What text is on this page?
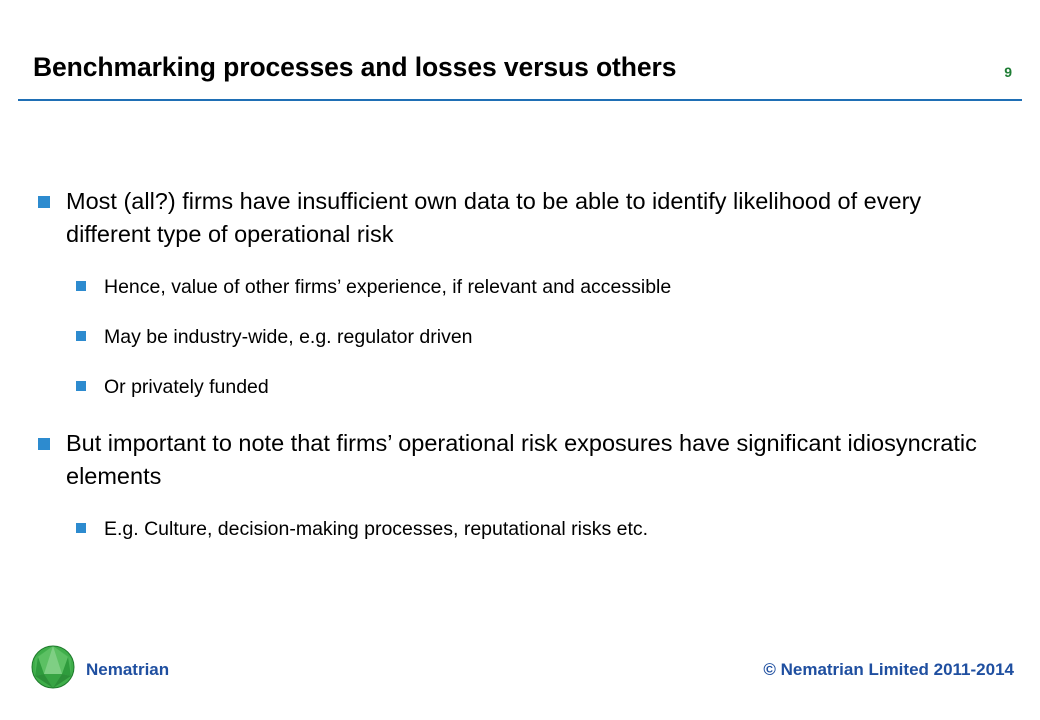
Benchmarking processes and losses versus others	9
Most (all?) firms have insufficient own data to be able to identify likelihood of every different type of operational risk
Hence, value of other firms’ experience, if relevant and accessible
May be industry-wide, e.g. regulator driven
Or privately funded
But important to note that firms’ operational risk exposures have significant idiosyncratic elements
E.g. Culture, decision-making processes, reputational risks etc.
Nematrian	© Nematrian Limited 2011-2014
